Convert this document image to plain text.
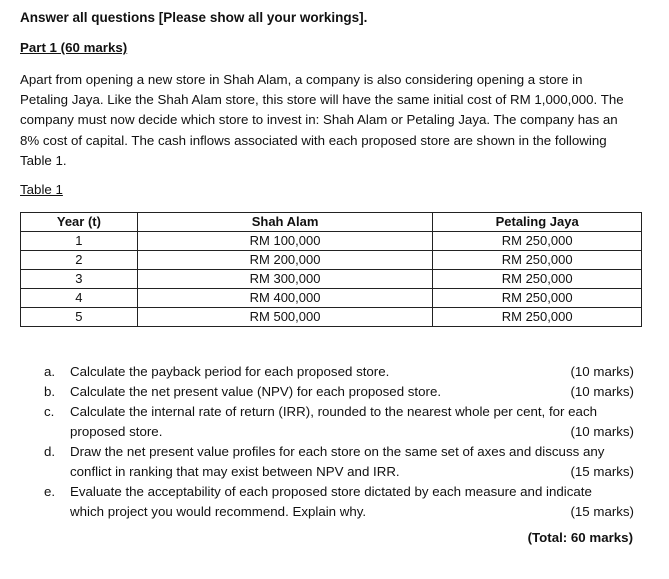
Answer all questions [Please show all your workings].
Part 1 (60 marks)
Apart from opening a new store in Shah Alam, a company is also considering opening a store in Petaling Jaya. Like the Shah Alam store, this store will have the same initial cost of RM 1,000,000. The company must now decide which store to invest in: Shah Alam or Petaling Jaya. The company has an 8% cost of capital. The cash inflows associated with each proposed store are shown in the following Table 1.
Table 1
Year (t)	Shah Alam	Petaling Jaya
1	RM 100,000	RM 250,000
2	RM 200,000	RM 250,000
3	RM 300,000	RM 250,000
4	RM 400,000	RM 250,000
5	RM 500,000	RM 250,000
a.	(10 marks)
Calculate the payback period for each proposed store.
b.	(10 marks)
Calculate the net present value (NPV) for each proposed store.
c.	Calculate the internal rate of return (IRR), rounded to the nearest whole per cent, for each
(10 marks)
proposed store.
d.	Draw the net present value profiles for each store on the same set of axes and discuss any
(15 marks)
conflict in ranking that may exist between NPV and IRR.
e.	Evaluate the acceptability of each proposed store dictated by each measure and indicate
(15 marks)
which project you would recommend. Explain why.
(Total: 60 marks)
